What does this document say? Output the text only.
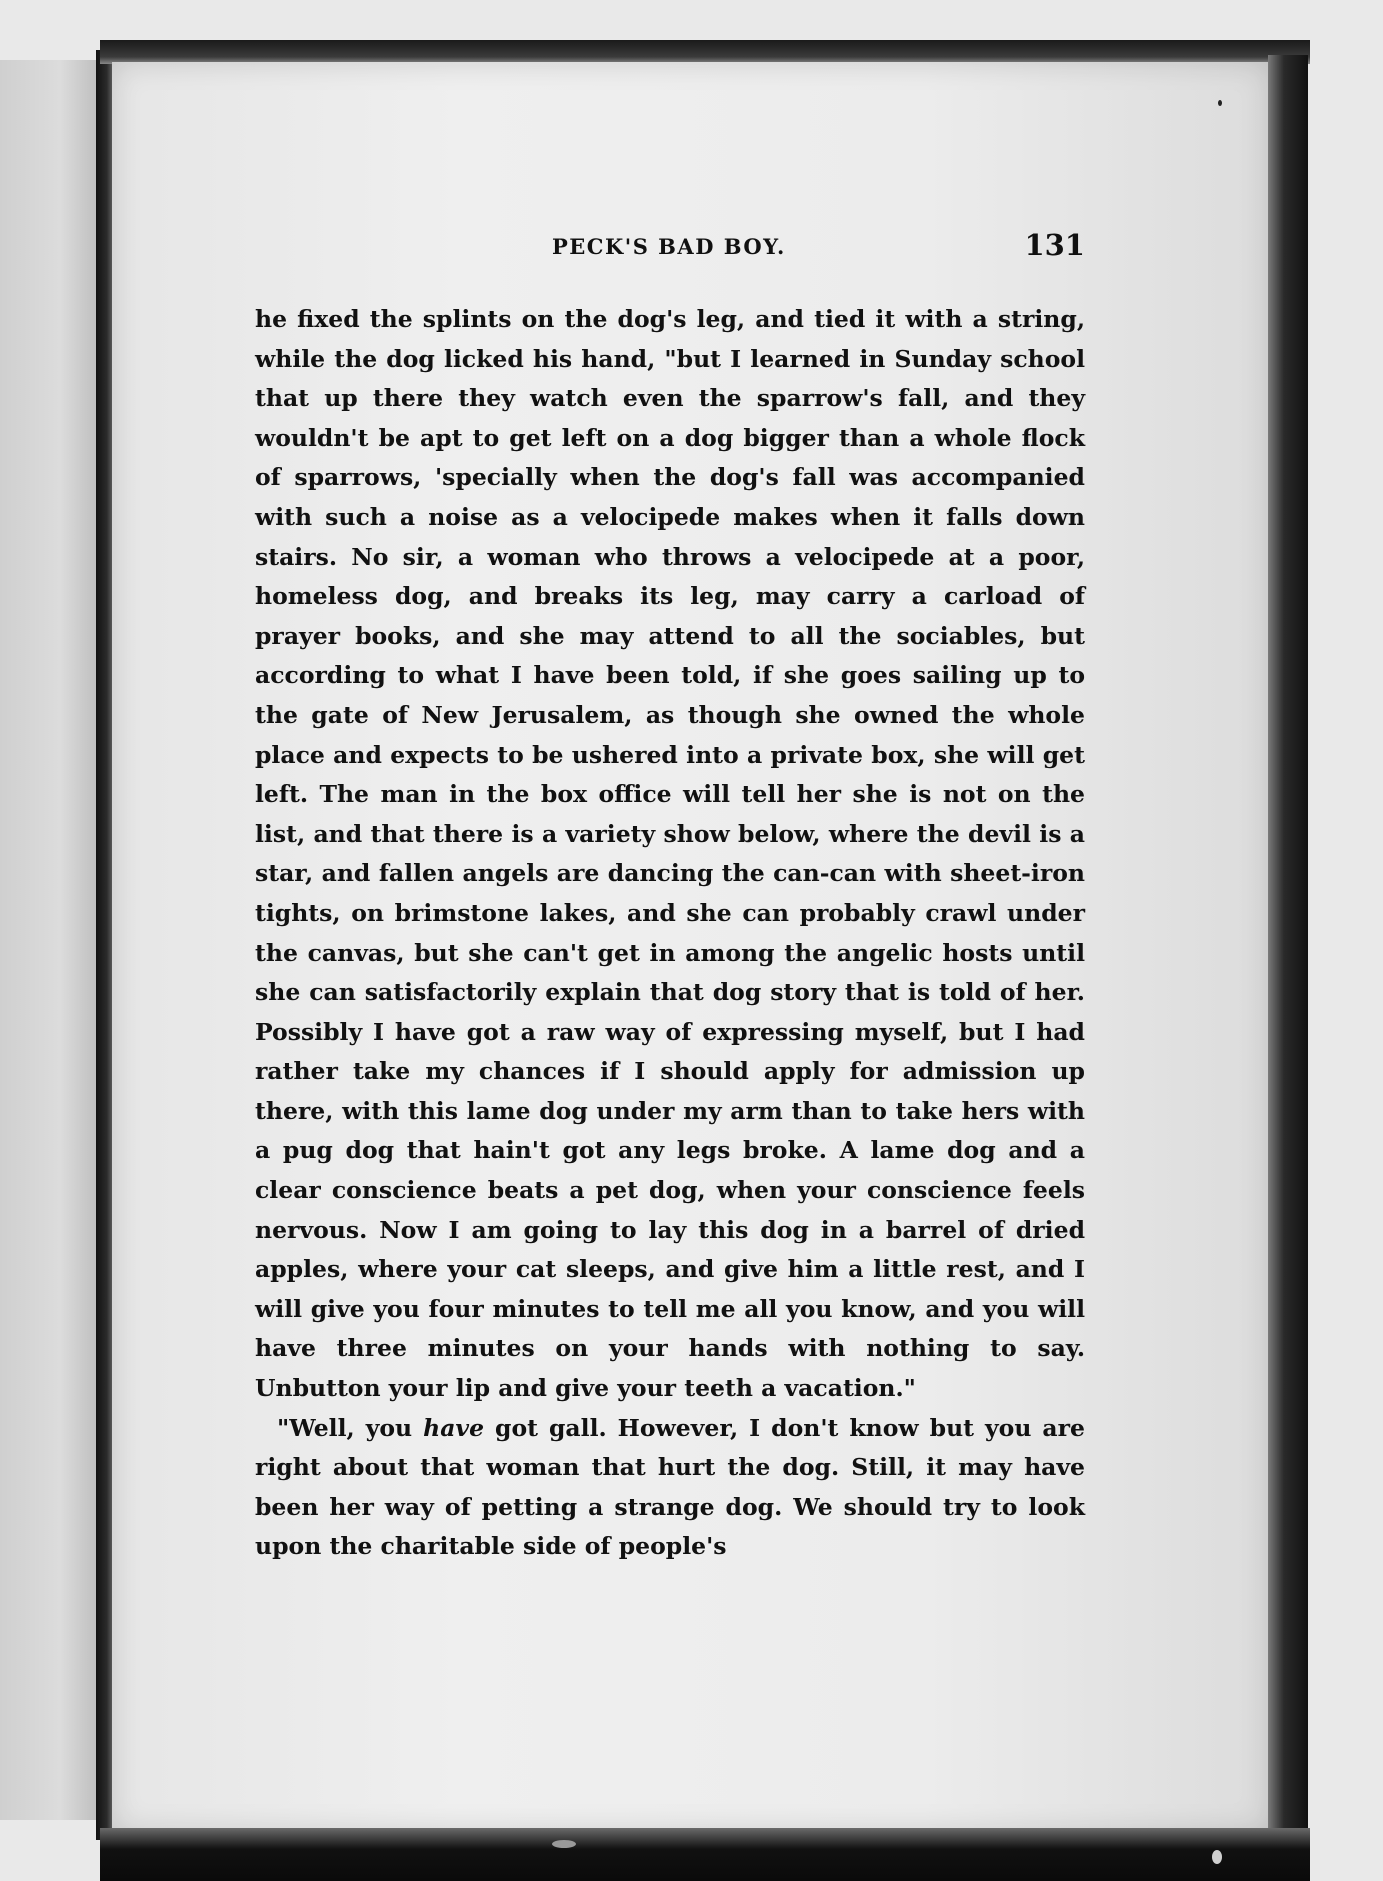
PECK'S BAD BOY.	131

he fixed the splints on the dog's leg, and tied it with a string, while the dog licked his hand, "but I learned in Sunday school that up there they watch even the sparrow's fall, and they wouldn't be apt to get left on a dog bigger than a whole flock of sparrows, 'specially when the dog's fall was accompanied with such a noise as a velocipede makes when it falls down stairs. No sir, a woman who throws a velocipede at a poor, homeless dog, and breaks its leg, may carry a carload of prayer books, and she may attend to all the sociables, but according to what I have been told, if she goes sailing up to the gate of New Jerusalem, as though she owned the whole place and expects to be ushered into a private box, she will get left. The man in the box office will tell her she is not on the list, and that there is a variety show below, where the devil is a star, and fallen angels are dancing the can-can with sheet-iron tights, on brimstone lakes, and she can probably crawl under the canvas, but she can't get in among the angelic hosts until she can satisfactorily explain that dog story that is told of her. Possibly I have got a raw way of expressing myself, but I had rather take my chances if I should apply for admission up there, with this lame dog under my arm than to take hers with a pug dog that hain't got any legs broke. A lame dog and a clear conscience beats a pet dog, when your conscience feels nervous. Now I am going to lay this dog in a barrel of dried apples, where your cat sleeps, and give him a little rest, and I will give you four minutes to tell me all you know, and you will have three minutes on your hands with nothing to say. Unbutton your lip and give your teeth a vacation."

"Well, you have got gall. However, I don't know but you are right about that woman that hurt the dog. Still, it may have been her way of petting a strange dog. We should try to look upon the charitable side of people's
